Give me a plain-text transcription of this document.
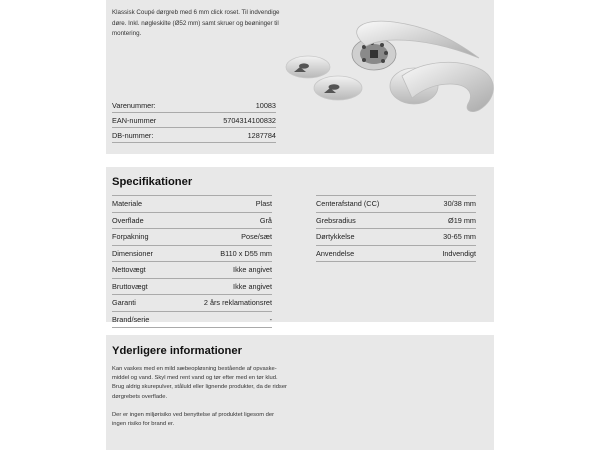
Klassisk Coupé dørgreb med 6 mm click roset. Til indvendige døre. Inkl. nøgleskilte (Ø52 mm) samt skruer og beøninger til montering.
Varenummer:	10083
EAN-nummer	5704314100832
DB-nummer:	1287784
Specifikationer
Materiale	Plast
Overflade	Grå
Forpakning	Pose/sæt
Dimensioner	B110 x D55 mm
Nettovægt	Ikke angivet
Bruttovægt	Ikke angivet
Garanti	2 års reklamationsret
Brand/serie	-
Centerafstand (CC)	30/38 mm
Grebsradius	Ø19 mm
Dørtykkelse	30-65 mm
Anvendelse	Indvendigt
Yderligere informationer

Kan vaskes med en mild sæbeopløsning bestående af opvaske-middel og vand. Skyl med rent vand og tør efter med en tør klud. Brug aldrig skurepulver, ståluld eller lignende produkter, da de ridser dørgrebets overflade.

Der er ingen miljørisiko ved benyttelse af produktet ligesom der ingen risiko for brand er.
